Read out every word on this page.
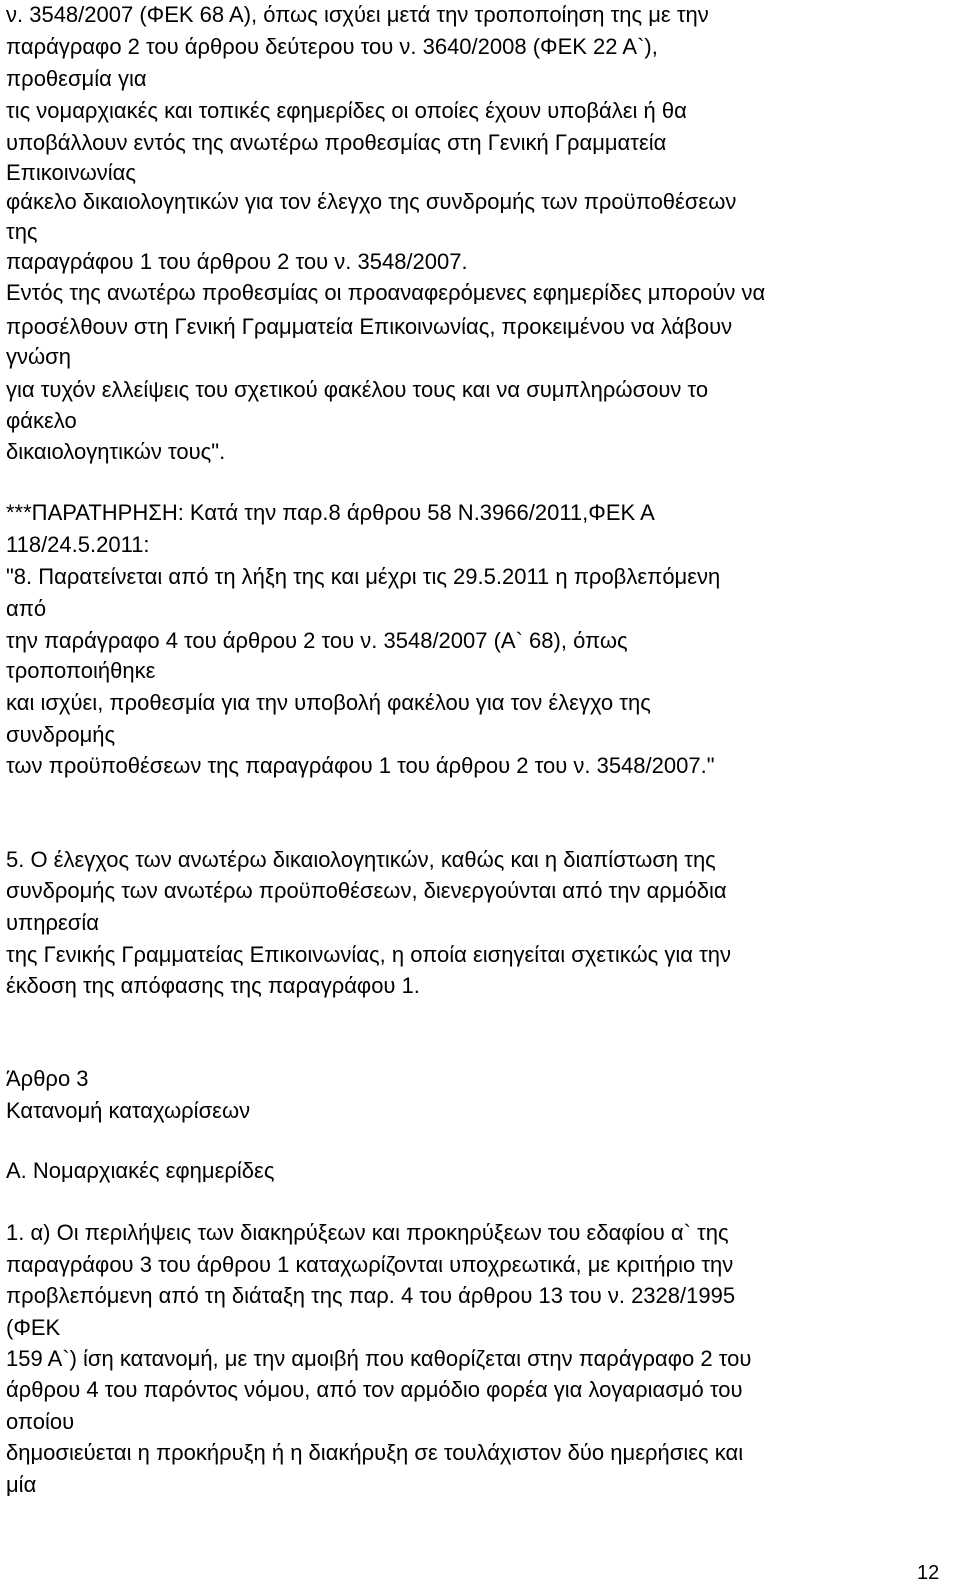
ν. 3548/2007 (ΦΕΚ 68 Α), όπως ισχύει μετά την τροποποίηση της με την

παράγραφο 2 του άρθρου δεύτερου του ν. 3640/2008 (ΦΕΚ 22 Α`),

προθεσμία για

τις νομαρχιακές και τοπικές εφημερίδες οι οποίες έχουν υποβάλει ή θα

υποβάλλουν εντός της ανωτέρω προθεσμίας στη Γενική Γραμματεία

Επικοινωνίας

φάκελο δικαιολογητικών για τον έλεγχο της συνδρομής των προϋποθέσεων

της

παραγράφου 1 του άρθρου 2 του ν. 3548/2007.

Εντός της ανωτέρω προθεσμίας οι προαναφερόμενες εφημερίδες μπορούν να

προσέλθουν στη Γενική Γραμματεία Επικοινωνίας, προκειμένου να λάβουν

γνώση

για τυχόν ελλείψεις του σχετικού φακέλου τους και να συμπληρώσουν το

φάκελο

δικαιολογητικών τους".

***ΠΑΡΑΤΗΡΗΣΗ: Κατά την παρ.8 άρθρου 58 Ν.3966/2011,ΦΕΚ Α

118/24.5.2011:

"8. Παρατείνεται από τη λήξη της και μέχρι τις 29.5.2011 η προβλεπόμενη

από

την παράγραφο 4 του άρθρου 2 του ν. 3548/2007 (Α` 68), όπως

τροποποιήθηκε

και ισχύει, προθεσμία για την υποβολή φακέλου για τον έλεγχο της

συνδρομής

των προϋποθέσεων της παραγράφου 1 του άρθρου 2 του ν. 3548/2007."

5. Ο έλεγχος των ανωτέρω δικαιολογητικών, καθώς και η διαπίστωση της

συνδρομής των ανωτέρω προϋποθέσεων, διενεργούνται από την αρμόδια

υπηρεσία

της Γενικής Γραμματείας Επικοινωνίας, η οποία εισηγείται σχετικώς για την

έκδοση της απόφασης της παραγράφου 1.

Άρθρο 3

Κατανομή καταχωρίσεων

Α. Νομαρχιακές εφημερίδες

1. α) Οι περιλήψεις των διακηρύξεων και προκηρύξεων του εδαφίου α` της

παραγράφου 3 του άρθρου 1 καταχωρίζονται υποχρεωτικά, με κριτήριο την

προβλεπόμενη από τη διάταξη της παρ. 4 του άρθρου 13 του ν. 2328/1995

(ΦΕΚ

159 Α`) ίση κατανομή, με την αμοιβή που καθορίζεται στην παράγραφο 2 του

άρθρου 4 του παρόντος νόμου, από τον αρμόδιο φορέα για λογαριασμό του

οποίου

δημοσιεύεται η προκήρυξη ή η διακήρυξη σε τουλάχιστον δύο ημερήσιες και

μία

12
